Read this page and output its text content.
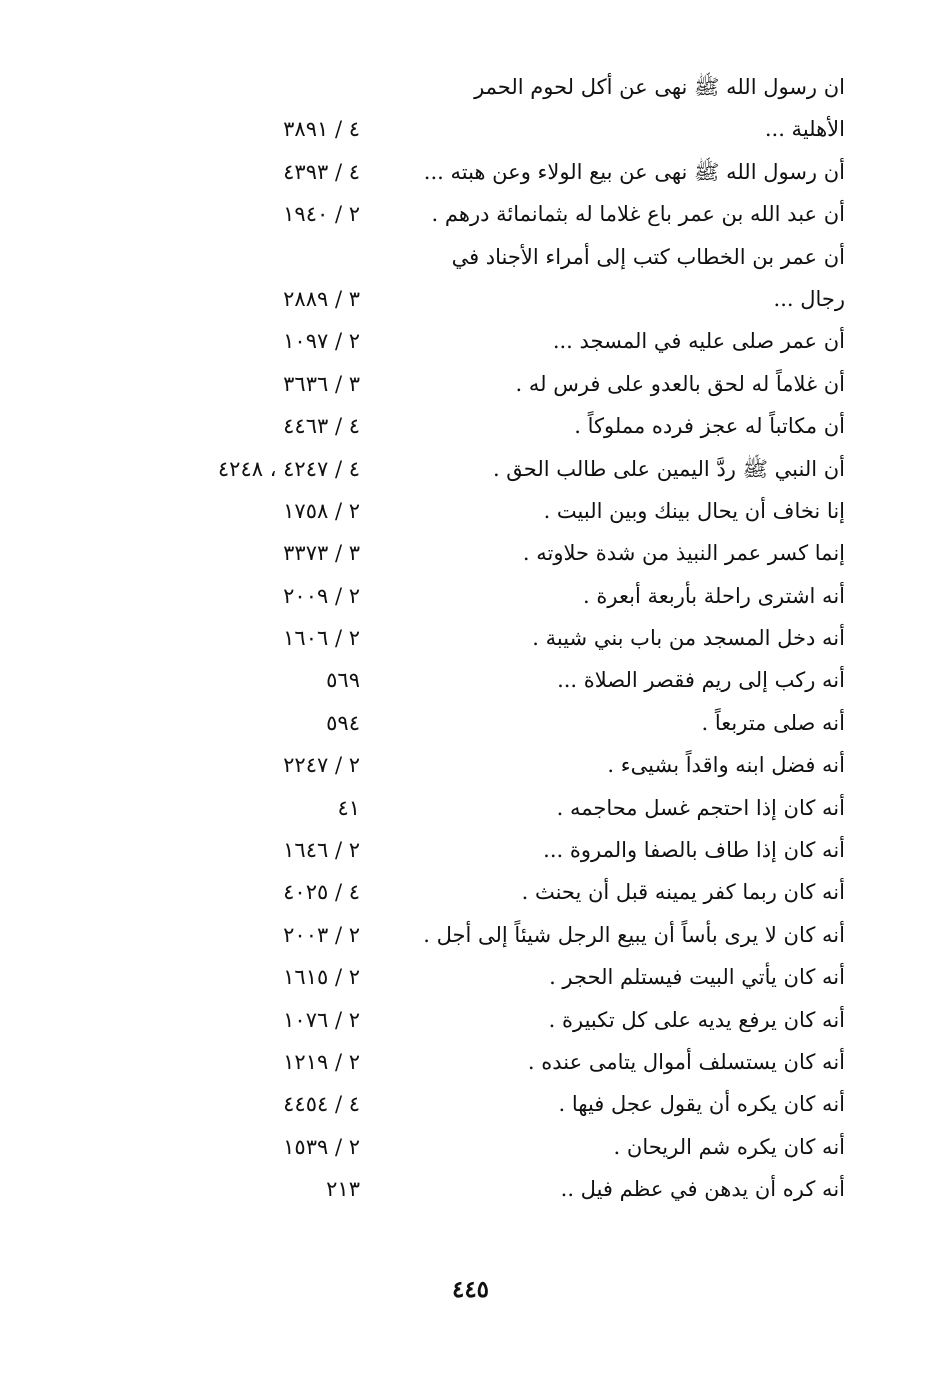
ان رسول الله ﷺ نهى عن أكل لحوم الحمر
الأهلية ...
٤ / ٣٨٩١
أن رسول الله ﷺ نهى عن بيع الولاء وعن هبته ...
٤ / ٤٣٩٣
أن عبد الله بن عمر باع غلاما له بثمانمائة درهم .
٢ / ١٩٤٠
أن عمر بن الخطاب كتب إلى أمراء الأجناد في
رجال ...
٣ / ٢٨٨٩
أن عمر صلى عليه في المسجد ...
٢ / ١٠٩٧
أن غلاماً له لحق بالعدو على فرس له .
٣ / ٣٦٣٦
أن مكاتباً له عجز فرده مملوكاً .
٤ / ٤٤٦٣
أن النبي ﷺ ردَّ اليمين على طالب الحق .
٤ / ٤٢٤٧ ، ٤٢٤٨
إنا نخاف أن يحال بينك وبين البيت .
٢ / ١٧٥٨
إنما كسر عمر النبيذ من شدة حلاوته .
٣ / ٣٣٧٣
أنه اشترى راحلة بأربعة أبعرة .
٢ / ٢٠٠٩
أنه دخل المسجد من باب بني شيبة .
٢ / ١٦٠٦
أنه ركب إلى ريم فقصر الصلاة ...
٥٦٩
أنه صلى متربعاً .
٥٩٤
أنه فضل ابنه واقداً بشيىء .
٢ / ٢٢٤٧
أنه كان إذا احتجم غسل محاجمه .
٤١
أنه كان إذا طاف بالصفا والمروة ...
٢ / ١٦٤٦
أنه كان ربما كفر يمينه قبل أن يحنث .
٤ / ٤٠٢٥
أنه كان لا يرى بأساً أن يبيع الرجل شيئاً إلى أجل .
٢ / ٢٠٠٣
أنه كان يأتي البيت فيستلم الحجر .
٢ / ١٦١٥
أنه كان يرفع يديه على كل تكبيرة .
٢ / ١٠٧٦
أنه كان يستسلف أموال يتامى عنده .
٢ / ١٢١٩
أنه كان يكره أن يقول عجل فيها .
٤ / ٤٤٥٤
أنه كان يكره شم الريحان .
٢ / ١٥٣٩
أنه كره أن يدهن في عظم فيل ..
٢١٣
٤٤٥
